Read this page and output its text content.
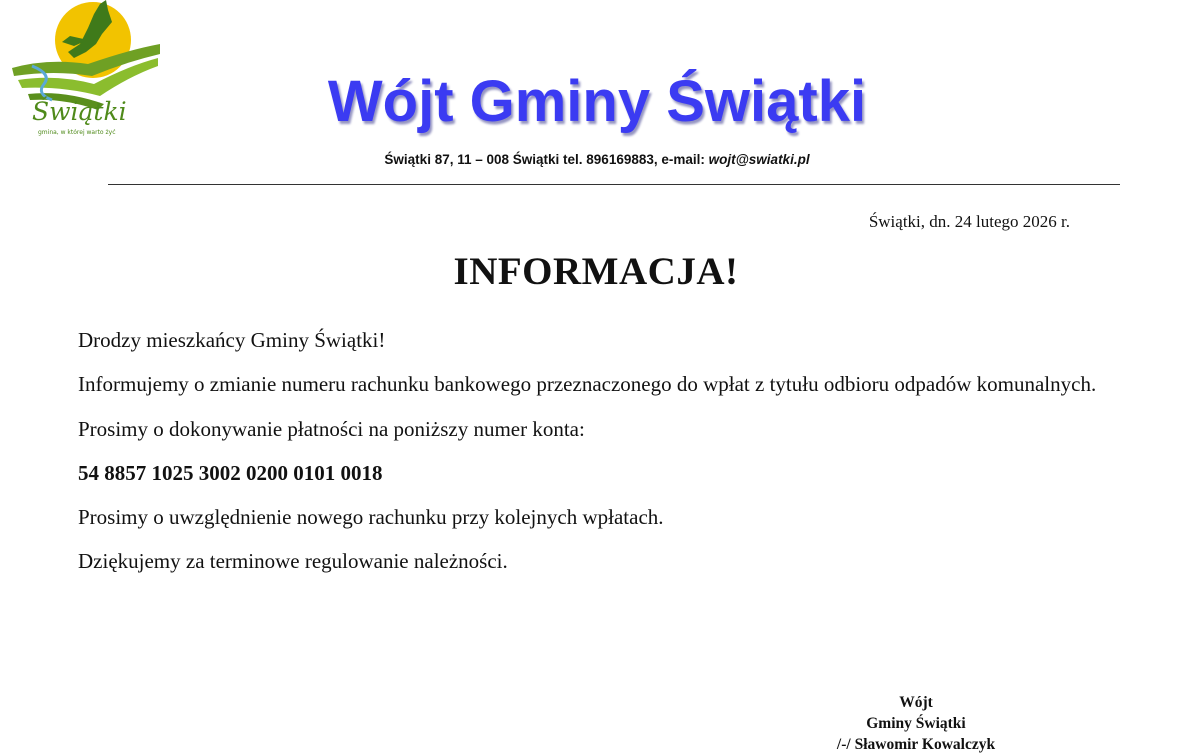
Świątki
gmina, w której warto żyć	Wójt Gminy Świątki
Świątki 87, 11 – 008 Świątki tel. 896169883, e-mail: wojt@swiatki.pl
Świątki, dn. 24 lutego 2026 r.
INFORMACJA!

Drodzy mieszkańcy Gminy Świątki!

Informujemy o zmianie numeru rachunku bankowego przeznaczonego do wpłat z tytułu odbioru odpadów komunalnych.

Prosimy o dokonywanie płatności na poniższy numer konta:

54 8857 1025 3002 0200 0101 0018

Prosimy o uwzględnienie nowego rachunku przy kolejnych wpłatach.

Dziękujemy za terminowe regulowanie należności.

Wójt
Gminy Świątki
/-/ Sławomir Kowalczyk
